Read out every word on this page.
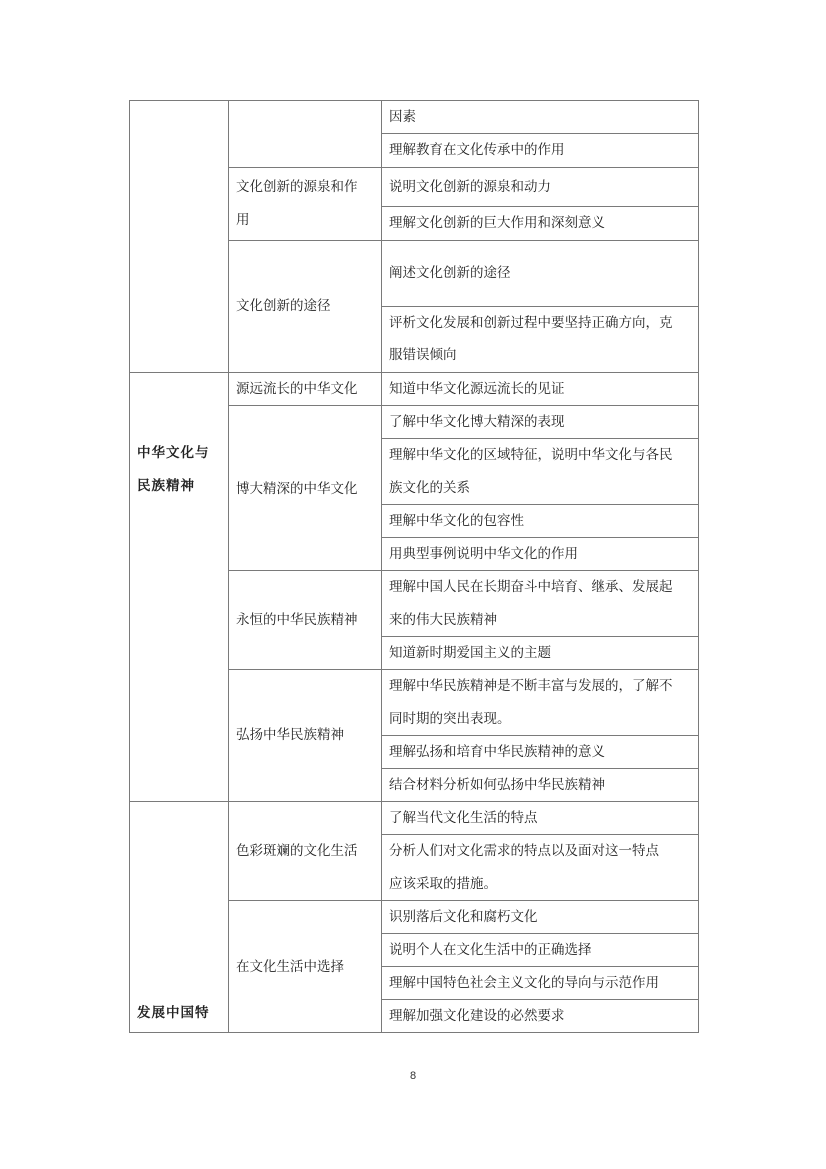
因素
理解教育在文化传承中的作用
文化创新的源泉和作
用
说明文化创新的源泉和动力
理解文化创新的巨大作用和深刻意义
文化创新的途径
阐述文化创新的途径
评析文化发展和创新过程中要坚持正确方向，克
服错误倾向
中华文化与
民族精神
源远流长的中华文化 知道中华文化源远流长的见证
博大精深的中华文化
了解中华文化博大精深的表现
理解中华文化的区域特征，说明中华文化与各民
族文化的关系
理解中华文化的包容性
用典型事例说明中华文化的作用
永恒的中华民族精神
理解中国人民在长期奋斗中培育、继承、发展起
来的伟大民族精神
知道新时期爱国主义的主题
弘扬中华民族精神
理解中华民族精神是不断丰富与发展的，了解不
同时期的突出表现。
理解弘扬和培育中华民族精神的意义
结合材料分析如何弘扬中华民族精神
发展中国特
色彩斑斓的文化生活
了解当代文化生活的特点
分析人们对文化需求的特点以及面对这一特点
应该采取的措施。
在文化生活中选择
识别落后文化和腐朽文化
说明个人在文化生活中的正确选择
理解中国特色社会主义文化的导向与示范作用
理解加强文化建设的必然要求
8
